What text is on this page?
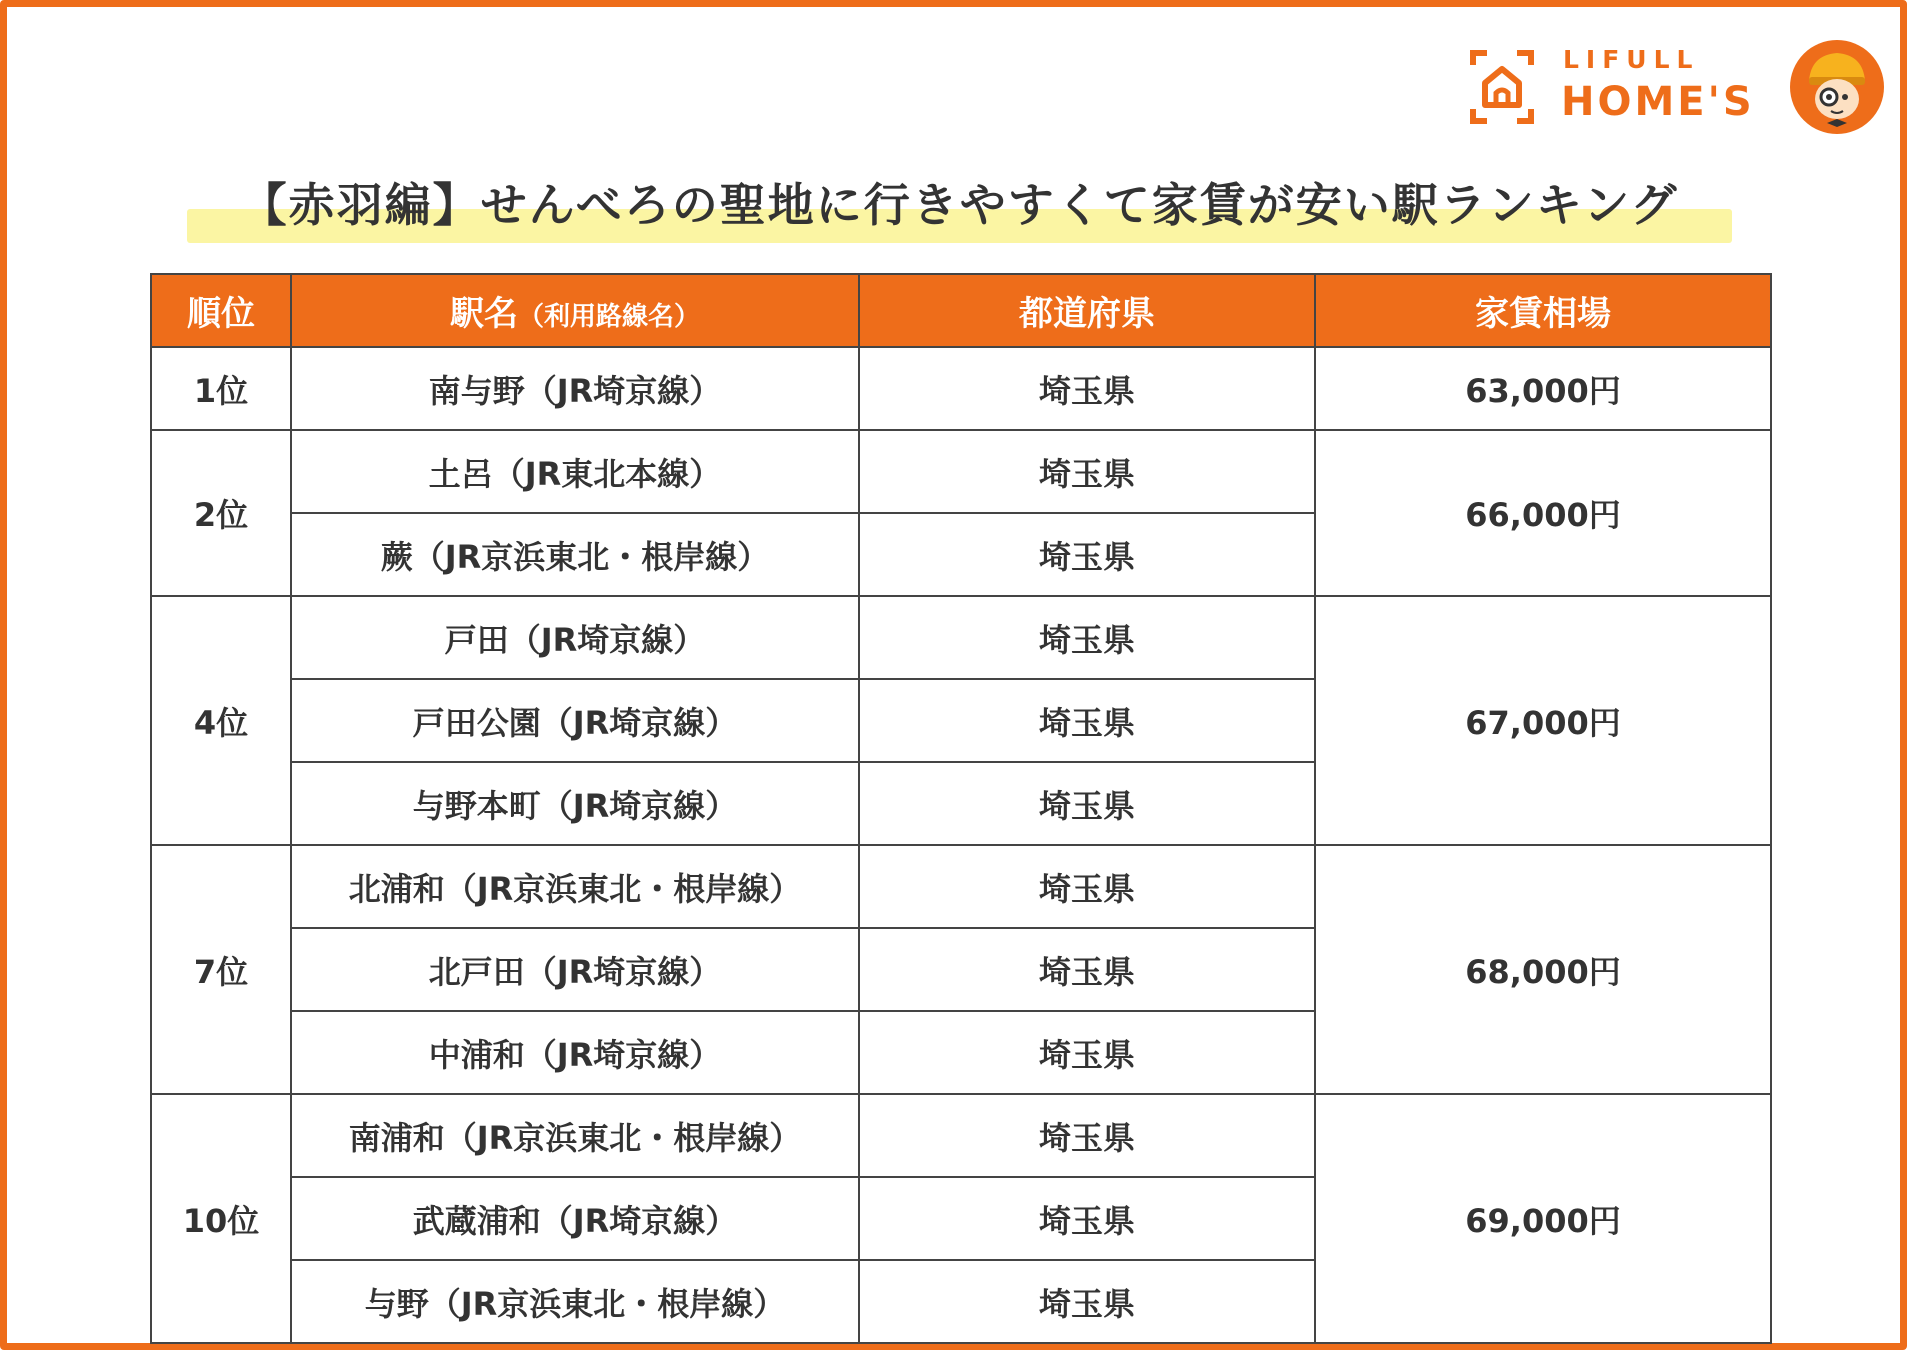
LIFULL
HOME'S
【赤羽編】せんべろの聖地に行きやすくて家賃が安い駅ランキング
順位	駅名（利用路線名）	都道府県	家賃相場
1位	南与野（JR埼京線）	埼玉県	63,000円
2位	土呂（JR東北本線）	埼玉県	66,000円
	蕨（JR京浜東北・根岸線）	埼玉県	
4位	戸田（JR埼京線）	埼玉県	67,000円
	戸田公園（JR埼京線）	埼玉県	
	与野本町（JR埼京線）	埼玉県	
7位	北浦和（JR京浜東北・根岸線）	埼玉県	68,000円
	北戸田（JR埼京線）	埼玉県	
	中浦和（JR埼京線）	埼玉県	
10位	南浦和（JR京浜東北・根岸線）	埼玉県	69,000円
	武蔵浦和（JR埼京線）	埼玉県	
	与野（JR京浜東北・根岸線）	埼玉県	
